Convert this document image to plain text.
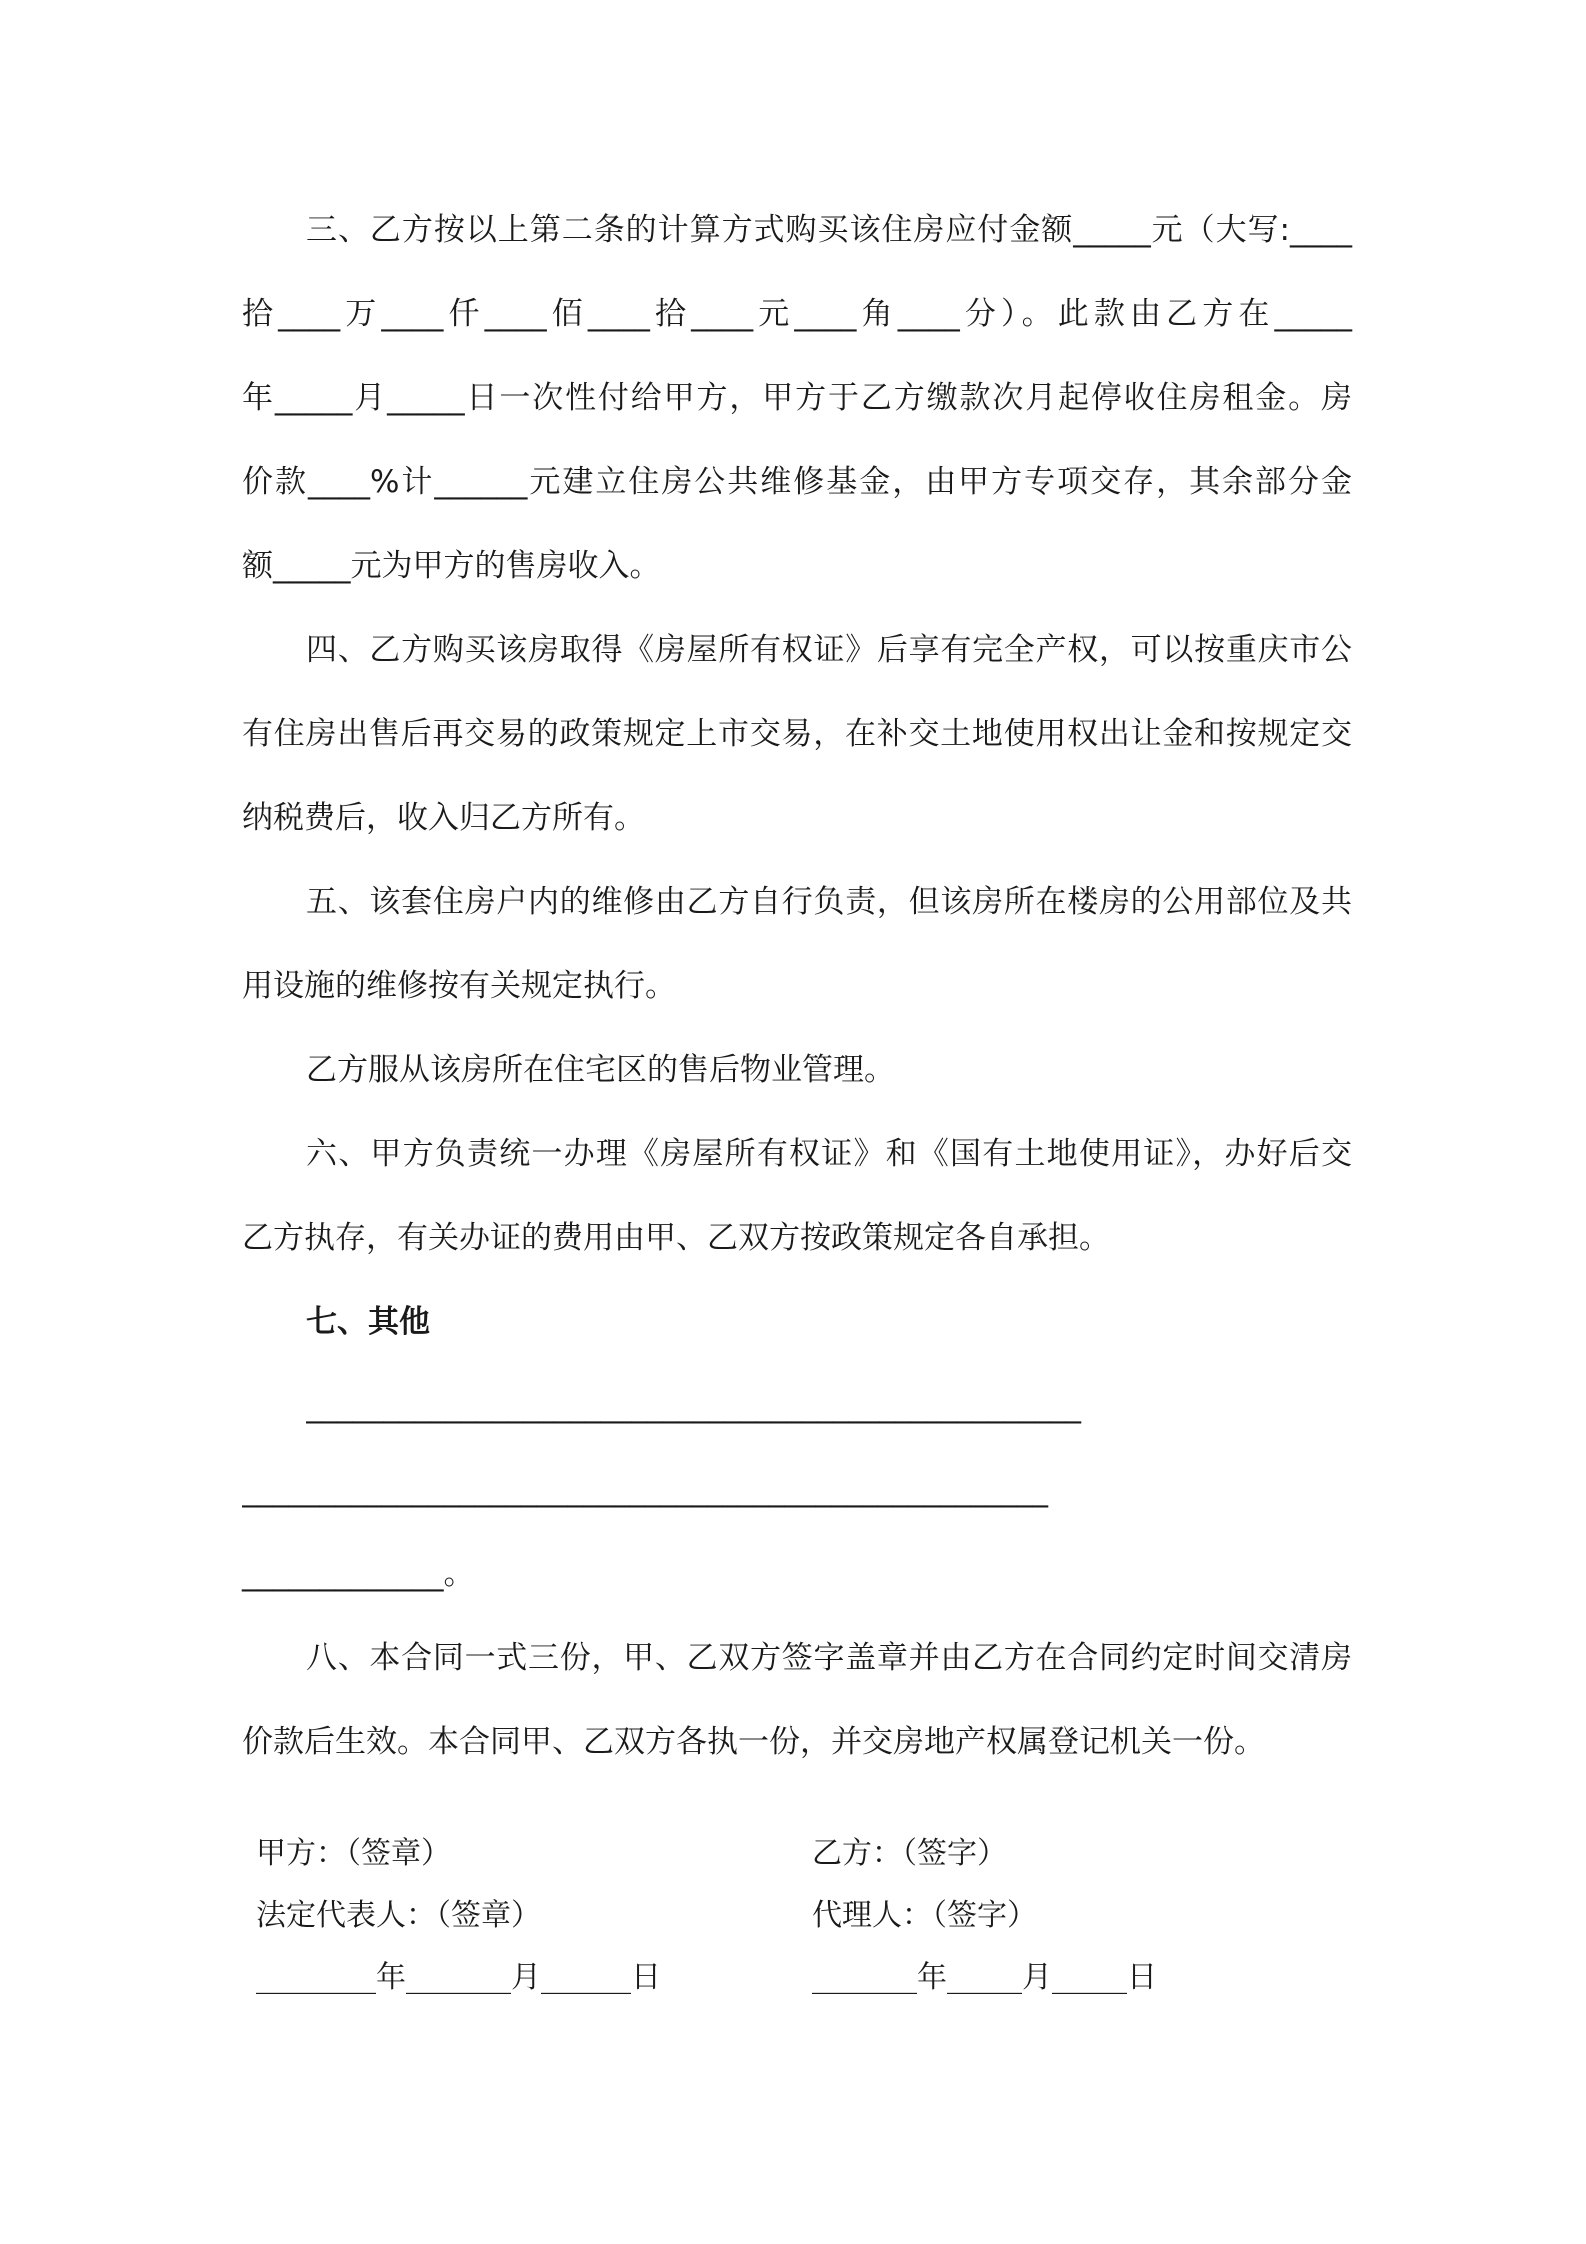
三、乙方按以上第二条的计算方式购买该住房应付金额_____元（大写:____

拾____万____仟____佰____拾____元____角____分）。此款由乙方在_____

年_____月_____日一次性付给甲方，甲方于乙方缴款次月起停收住房租金。房

价款____%计______元建立住房公共维修基金，由甲方专项交存，其余部分金

额_____元为甲方的售房收入。

四、乙方购买该房取得《房屋所有权证》后享有完全产权，可以按重庆市公

有住房出售后再交易的政策规定上市交易，在补交土地使用权出让金和按规定交

纳税费后，收入归乙方所有。

五、该套住房户内的维修由乙方自行负责，但该房所在楼房的公用部位及共

用设施的维修按有关规定执行。

乙方服从该房所在住宅区的售后物业管理。

六、甲方负责统一办理《房屋所有权证》和《国有土地使用证》，办好后交

乙方执存，有关办证的费用由甲、乙双方按政策规定各自承担。

七、其他

__________________________________________________

____________________________________________________

_____________。

八、本合同一式三份，甲、乙双方签字盖章并由乙方在合同约定时间交清房

价款后生效。本合同甲、乙双方各执一份，并交房地产权属登记机关一份。

甲方：（签章）	乙方：（签字）

法定代表人：（签章）	代理人：（签字）

________年_______月______日	_______年_____月_____日
